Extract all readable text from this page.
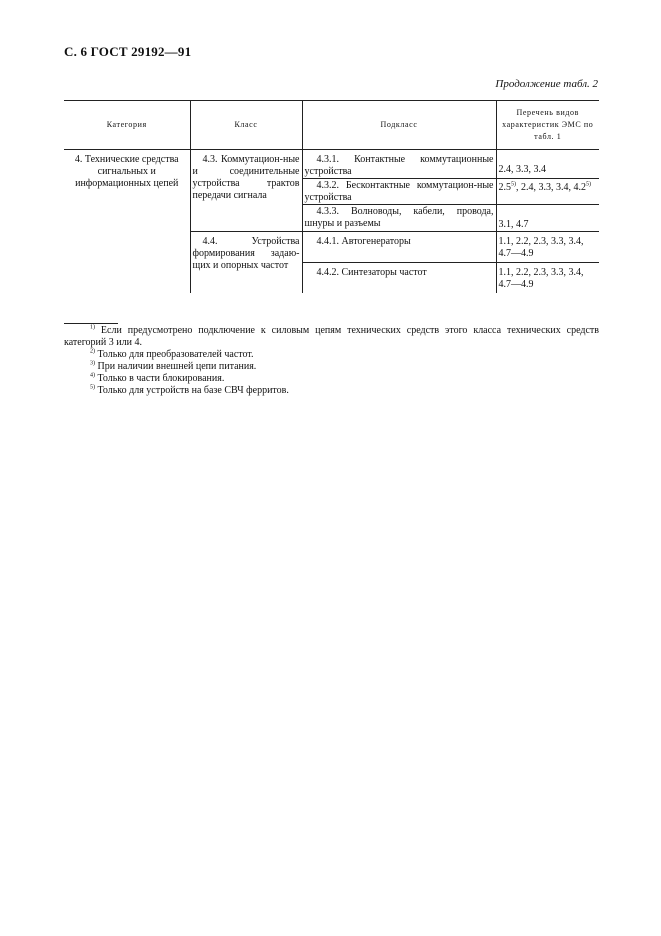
С. 6 ГОСТ 29192—91
Продолжение табл. 2
Категория	Класс	Подкласс	Перечень видов характеристик ЭМС по табл. 1
4. Технические средства сигнальных и информационных цепей	4.3. Коммутацион-ные и соединительные устройства трактов передачи сигнала	4.3.1. Контактные коммутационные устройства	2.4, 3.3, 3.4
		4.3.2. Бесконтактные коммутацион-ные устройства	2.5$^{5)}$, 2.4, 3.3, 3.4, 4.2$^{5)}$
		4.3.3. Волноводы, кабели, провода, шнуры и разъемы	3.1, 4.7
	4.4. Устройства формирования задаю-щих и опорных частот	4.4.1. Автогенераторы	1.1, 2.2, 2.3, 3.3, 3.4, 4.7—4.9
		4.4.2. Синтезаторы частот	1.1, 2.2, 2.3, 3.3, 3.4, 4.7—4.9

$^{1)}$ Если предусмотрено подключение к силовым цепям технических средств этого класса технических средств категорий 3 или 4.

$^{2)}$ Только для преобразователей частот.

$^{3)}$ При наличии внешней цепи питания.

$^{4)}$ Только в части блокирования.

$^{5)}$ Только для устройств на базе СВЧ ферритов.
